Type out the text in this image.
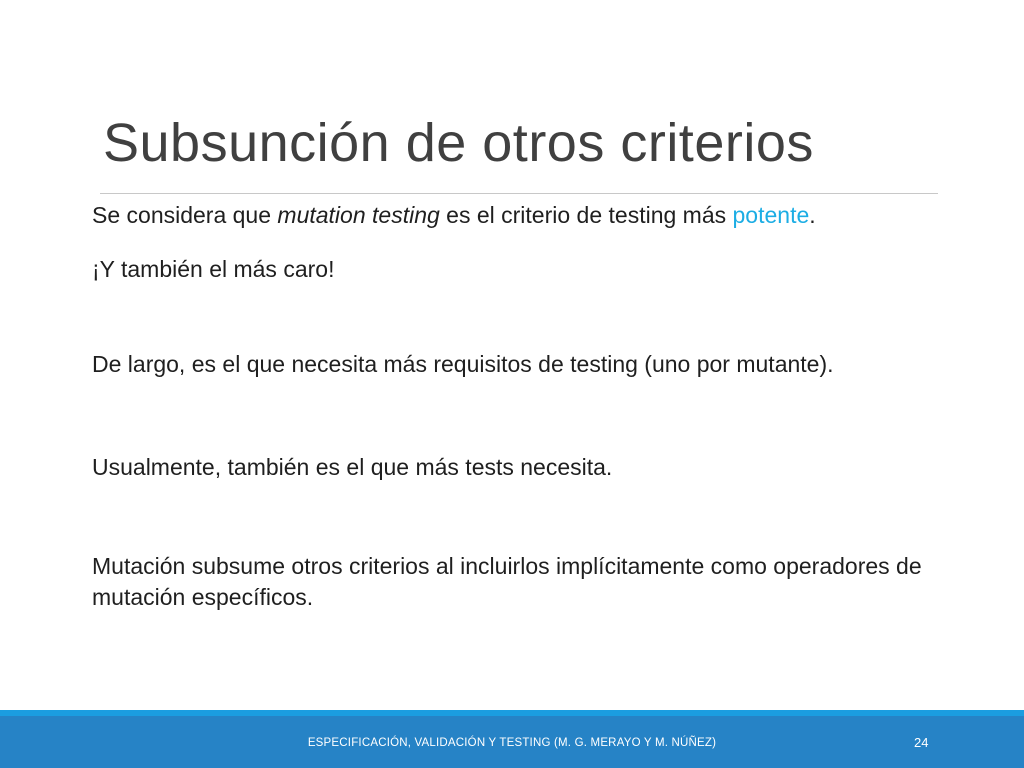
Subsunción de otros criterios

Se considera que mutation testing es el criterio de testing más potente.

¡Y también el más caro!

De largo, es el que necesita más requisitos de testing (uno por mutante).

Usualmente, también es el que más tests necesita.

Mutación subsume otros criterios al incluirlos implícitamente como operadores de mutación específicos.

ESPECIFICACIÓN, VALIDACIÓN Y TESTING (M. G. MERAYO Y M. NÚÑEZ)	24
